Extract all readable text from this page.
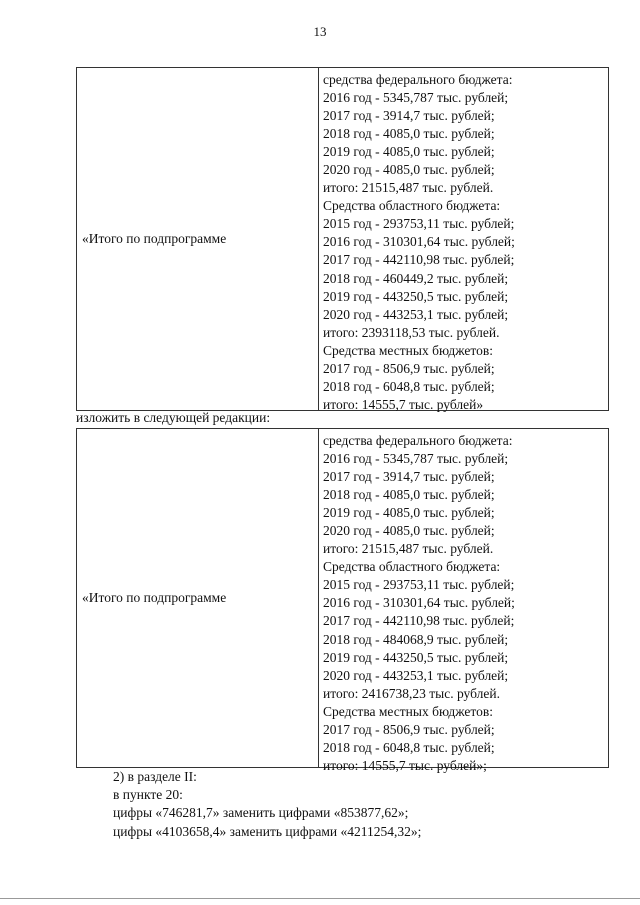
13
«Итого по подпрограмме
средства федерального бюджета:
2016 год - 5345,787 тыс. рублей;
2017 год - 3914,7 тыс. рублей;
2018 год - 4085,0 тыс. рублей;
2019 год - 4085,0 тыс. рублей;
2020 год - 4085,0 тыс. рублей;
итого: 21515,487 тыс. рублей.
Средства областного бюджета:
2015 год - 293753,11 тыс. рублей;
2016 год - 310301,64 тыс. рублей;
2017 год - 442110,98 тыс. рублей;
2018 год - 460449,2 тыс. рублей;
2019 год - 443250,5 тыс. рублей;
2020 год - 443253,1 тыс. рублей;
итого: 2393118,53 тыс. рублей.
Средства местных бюджетов:
2017 год - 8506,9 тыс. рублей;
2018 год - 6048,8 тыс. рублей;
итого: 14555,7 тыс. рублей»
изложить в следующей редакции:
«Итого по подпрограмме
средства федерального бюджета:
2016 год - 5345,787 тыс. рублей;
2017 год - 3914,7 тыс. рублей;
2018 год - 4085,0 тыс. рублей;
2019 год - 4085,0 тыс. рублей;
2020 год - 4085,0 тыс. рублей;
итого: 21515,487 тыс. рублей.
Средства областного бюджета:
2015 год - 293753,11 тыс. рублей;
2016 год - 310301,64 тыс. рублей;
2017 год - 442110,98 тыс. рублей;
2018 год - 484068,9 тыс. рублей;
2019 год - 443250,5 тыс. рублей;
2020 год - 443253,1 тыс. рублей;
итого: 2416738,23 тыс. рублей.
Средства местных бюджетов:
2017 год - 8506,9 тыс. рублей;
2018 год - 6048,8 тыс. рублей;
итого: 14555,7 тыс. рублей»;
2) в разделе II:
в пункте 20:
цифры «746281,7» заменить цифрами «853877,62»;
цифры «4103658,4» заменить цифрами «4211254,32»;
